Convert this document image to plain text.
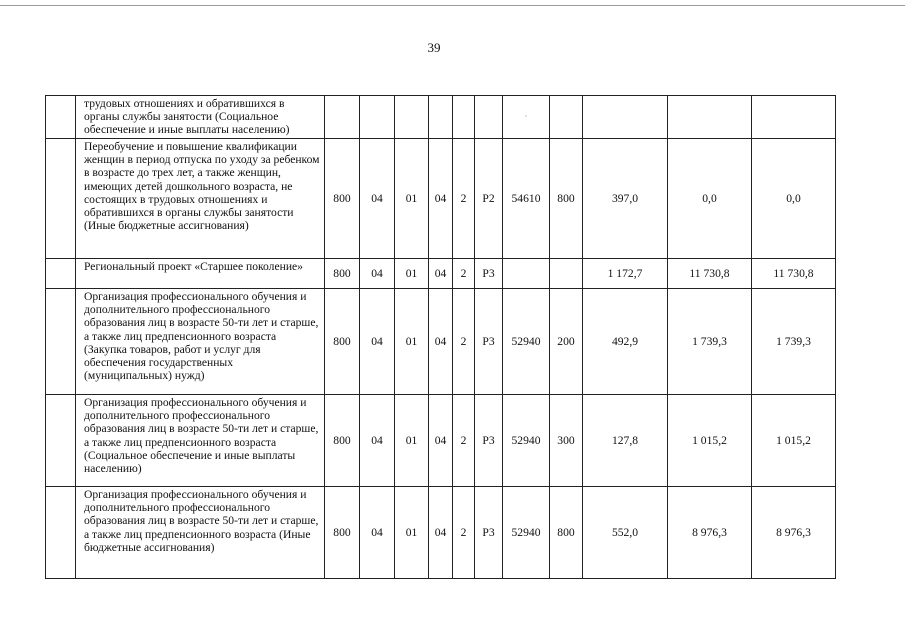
39
	трудовых отношениях и обратившихся в органы службы занятости (Социальное обеспечение и иные выплаты населению)							·				
	Переобучение и повышение квалификации женщин в период отпуска по уходу за ребенком в возрасте до трех лет, а также женщин, имеющих детей дошкольного возраста, не состоящих в трудовых отношениях и обратившихся в органы службы занятости (Иные бюджетные ассигнования)	800	04	01	04	2	P2	54610	800	397,0	0,0	0,0
	Региональный проект «Старшее поколение»	800	04	01	04	2	P3			1 172,7	11 730,8	11 730,8
	Организация профессионального обучения и дополнительного профессионального образования лиц в возрасте 50-ти лет и старше, а также лиц предпенсионного возраста (Закупка товаров, работ и услуг для обеспечения государственных (муниципальных) нужд)	800	04	01	04	2	P3	52940	200	492,9	1 739,3	1 739,3
	Организация профессионального обучения и дополнительного профессионального образования лиц в возрасте 50-ти лет и старше, а также лиц предпенсионного возраста (Социальное обеспечение и иные выплаты населению)	800	04	01	04	2	P3	52940	300	127,8	1 015,2	1 015,2
	Организация профессионального обучения и дополнительного профессионального образования лиц в возрасте 50-ти лет и старше, а также лиц предпенсионного возраста (Иные бюджетные ассигнования)	800	04	01	04	2	P3	52940	800	552,0	8 976,3	8 976,3
